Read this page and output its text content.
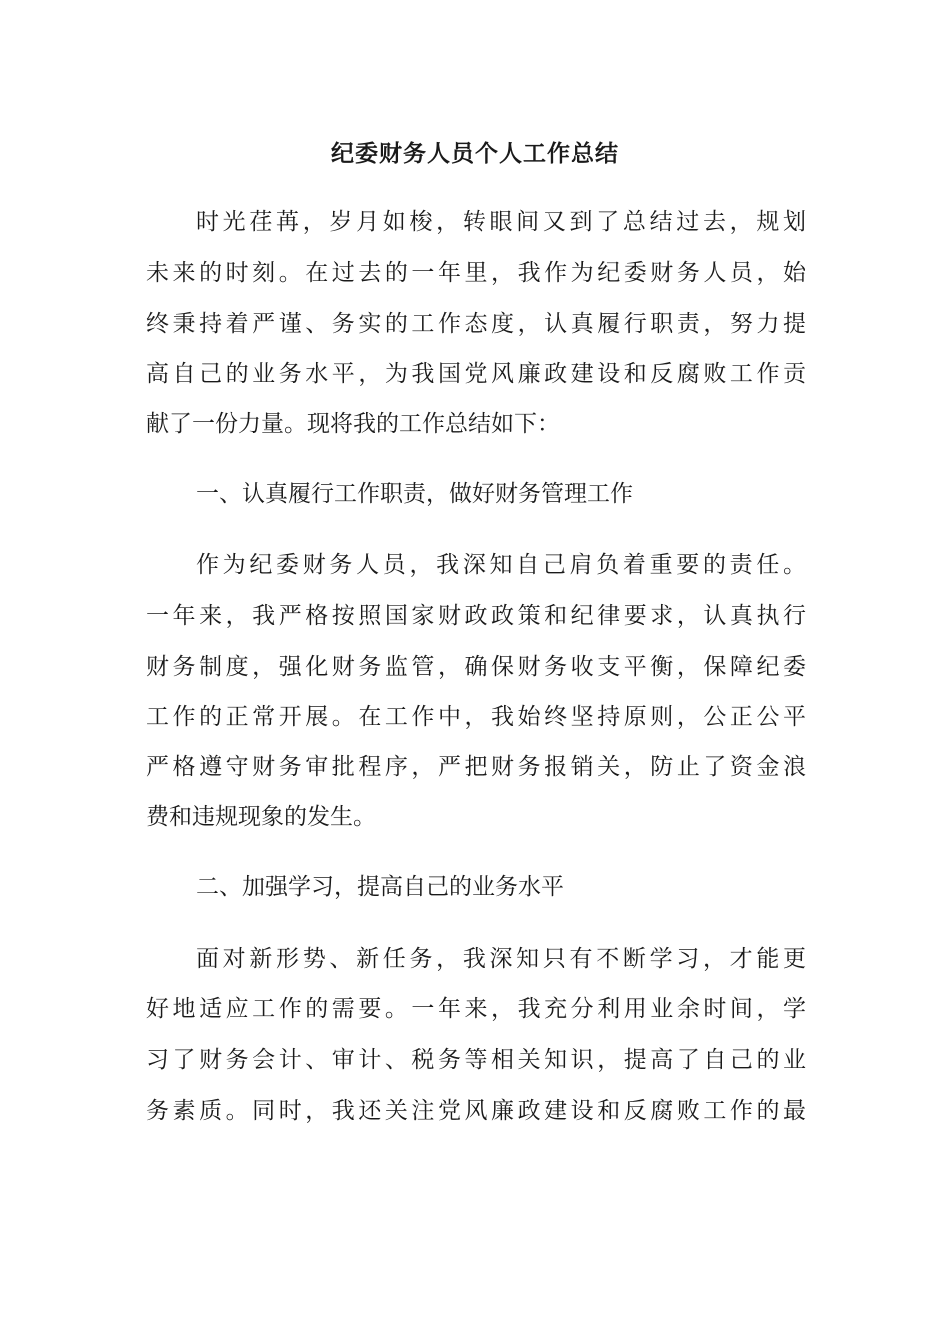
纪委财务人员个人工作总结
时光荏苒，岁月如梭，转眼间又到了总结过去，规划
未来的时刻。在过去的一年里，我作为纪委财务人员，始
终秉持着严谨、务实的工作态度，认真履行职责，努力提
高自己的业务水平，为我国党风廉政建设和反腐败工作贡
献了一份力量。现将我的工作总结如下：
一、认真履行工作职责，做好财务管理工作
作为纪委财务人员，我深知自己肩负着重要的责任。
一年来，我严格按照国家财政政策和纪律要求，认真执行
财务制度，强化财务监管，确保财务收支平衡，保障纪委
工作的正常开展。在工作中，我始终坚持原则，公正公平
严格遵守财务审批程序，严把财务报销关，防止了资金浪
费和违规现象的发生。
二、加强学习，提高自己的业务水平
面对新形势、新任务，我深知只有不断学习，才能更
好地适应工作的需要。一年来，我充分利用业余时间，学
习了财务会计、审计、税务等相关知识，提高了自己的业
务素质。同时，我还关注党风廉政建设和反腐败工作的最
